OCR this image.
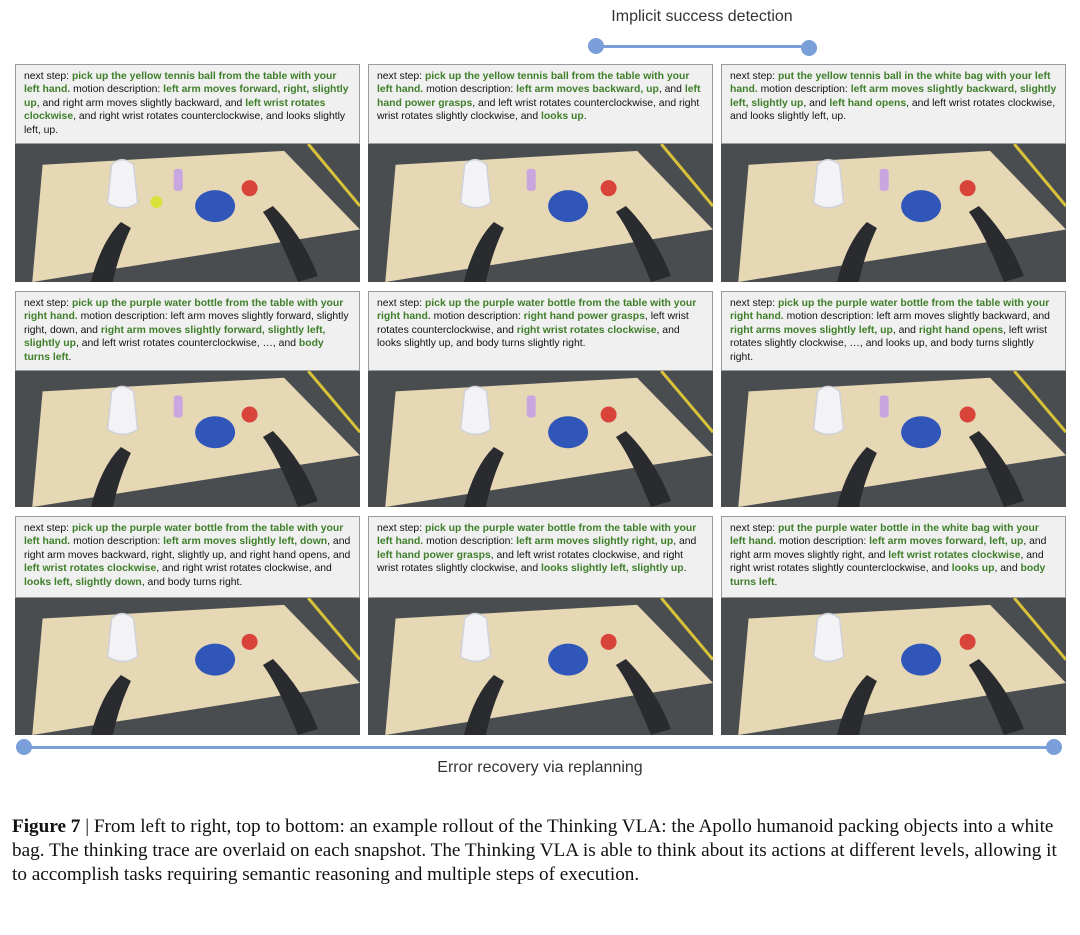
Implicit success detection
next step: pick up the yellow tennis ball from the table with your left hand. motion description: left arm moves forward, right, slightly up, and right arm moves slightly backward, and left wrist rotates clockwise, and right wrist rotates counterclockwise, and looks slightly left, up.
next step: pick up the yellow tennis ball from the table with your left hand. motion description: left arm moves backward, up, and left hand power grasps, and left wrist rotates counterclockwise, and right wrist rotates slightly clockwise, and looks up.
next step: put the yellow tennis ball in the white bag with your left hand. motion description: left arm moves slightly backward, slightly left, slightly up, and left hand opens, and left wrist rotates clockwise, and looks slightly left, up.
next step: pick up the purple water bottle from the table with your right hand. motion description: left arm moves slightly forward, slightly right, down, and right arm moves slightly forward, slightly left, slightly up, and left wrist rotates counterclockwise, …, and body turns left.
next step: pick up the purple water bottle from the table with your right hand. motion description: right hand power grasps, left wrist rotates counterclockwise, and right wrist rotates clockwise, and looks slightly up, and body turns slightly right.
next step: pick up the purple water bottle from the table with your right hand. motion description: left arm moves slightly backward, and right arms moves slightly left, up, and right hand opens, left wrist rotates slightly clockwise, …, and looks up, and body turns slightly right.
next step: pick up the purple water bottle from the table with your left hand. motion description: left arm moves slightly left, down, and right arm moves backward, right, slightly up, and right hand opens, and left wrist rotates clockwise, and right wrist rotates clockwise, and looks left, slightly down, and body turns right.
next step: pick up the purple water bottle from the table with your left hand. motion description: left arm moves slightly right, up, and left hand power grasps, and left wrist rotates clockwise, and right wrist rotates slightly clockwise, and looks slightly left, slightly up.
next step: put the purple water bottle in the white bag with your left hand. motion description: left arm moves forward, left, up, and right arm moves slightly right, and left wrist rotates clockwise, and right wrist rotates slightly counterclockwise, and looks up, and body turns left.
Error recovery via replanning
Figure 7 | From left to right, top to bottom: an example rollout of the Thinking VLA: the Apollo humanoid packing objects into a white bag. The thinking trace are overlaid on each snapshot. The Thinking VLA is able to think about its actions at different levels, allowing it to accomplish tasks requiring semantic reasoning and multiple steps of execution.
